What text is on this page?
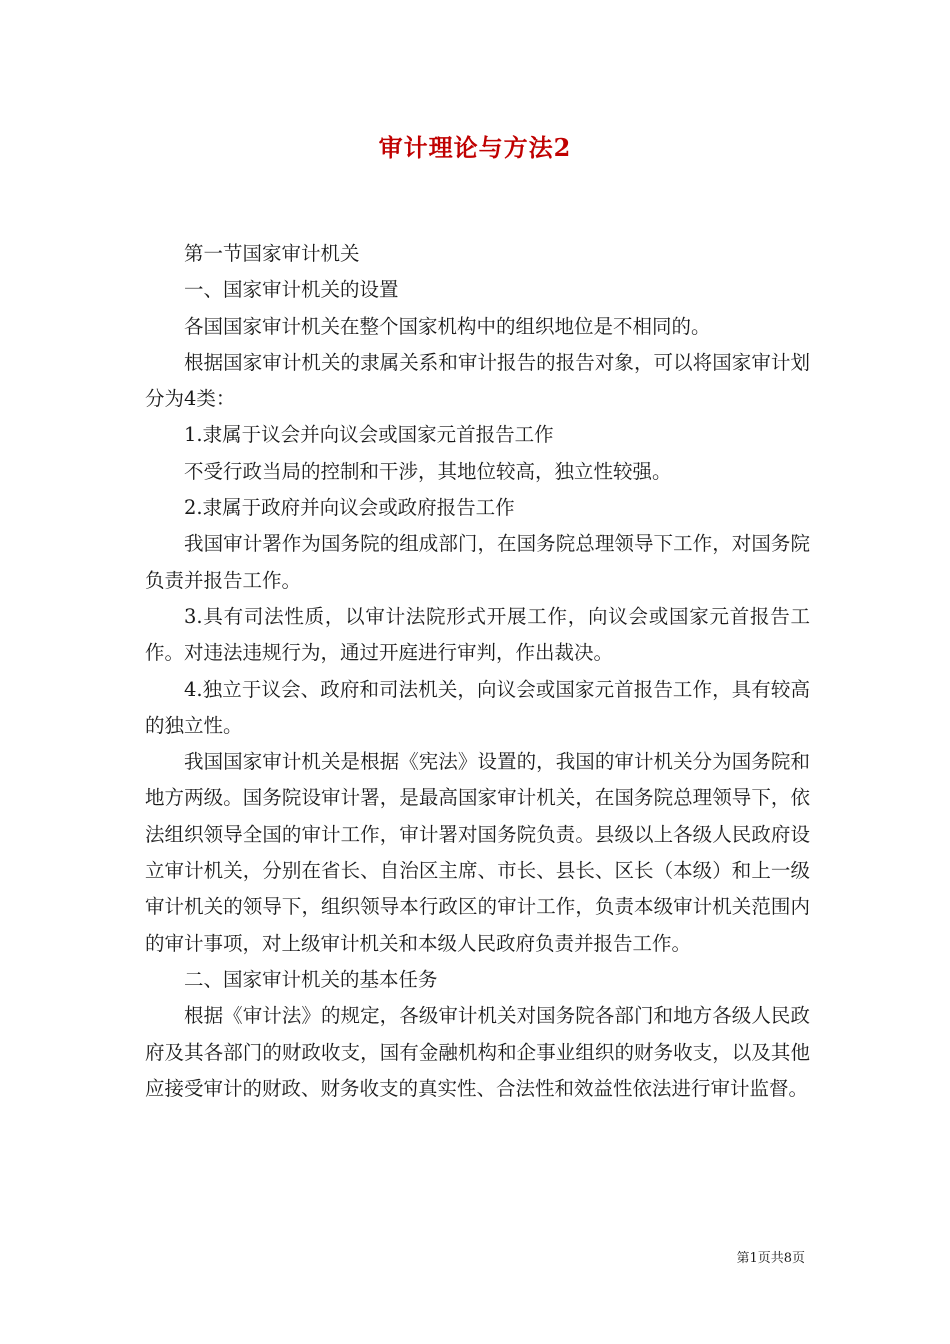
审计理论与方法2

第一节国家审计机关

一、国家审计机关的设置

各国国家审计机关在整个国家机构中的组织地位是不相同的。

根据国家审计机关的隶属关系和审计报告的报告对象，可以将国家审计划分为4类：

1.隶属于议会并向议会或国家元首报告工作

不受行政当局的控制和干涉，其地位较高，独立性较强。

2.隶属于政府并向议会或政府报告工作

我国审计署作为国务院的组成部门，在国务院总理领导下工作，对国务院负责并报告工作。

3.具有司法性质，以审计法院形式开展工作，向议会或国家元首报告工作。对违法违规行为，通过开庭进行审判，作出裁决。

4.独立于议会、政府和司法机关，向议会或国家元首报告工作，具有较高的独立性。

我国国家审计机关是根据《宪法》设置的，我国的审计机关分为国务院和地方两级。国务院设审计署，是最高国家审计机关，在国务院总理领导下，依法组织领导全国的审计工作，审计署对国务院负责。县级以上各级人民政府设立审计机关，分别在省长、自治区主席、市长、县长、区长（本级）和上一级审计机关的领导下，组织领导本行政区的审计工作，负责本级审计机关范围内的审计事项，对上级审计机关和本级人民政府负责并报告工作。

二、国家审计机关的基本任务

根据《审计法》的规定，各级审计机关对国务院各部门和地方各级人民政府及其各部门的财政收支，国有金融机构和企事业组织的财务收支，以及其他应接受审计的财政、财务收支的真实性、合法性和效益性依法进行审计监督。

第1页共8页
